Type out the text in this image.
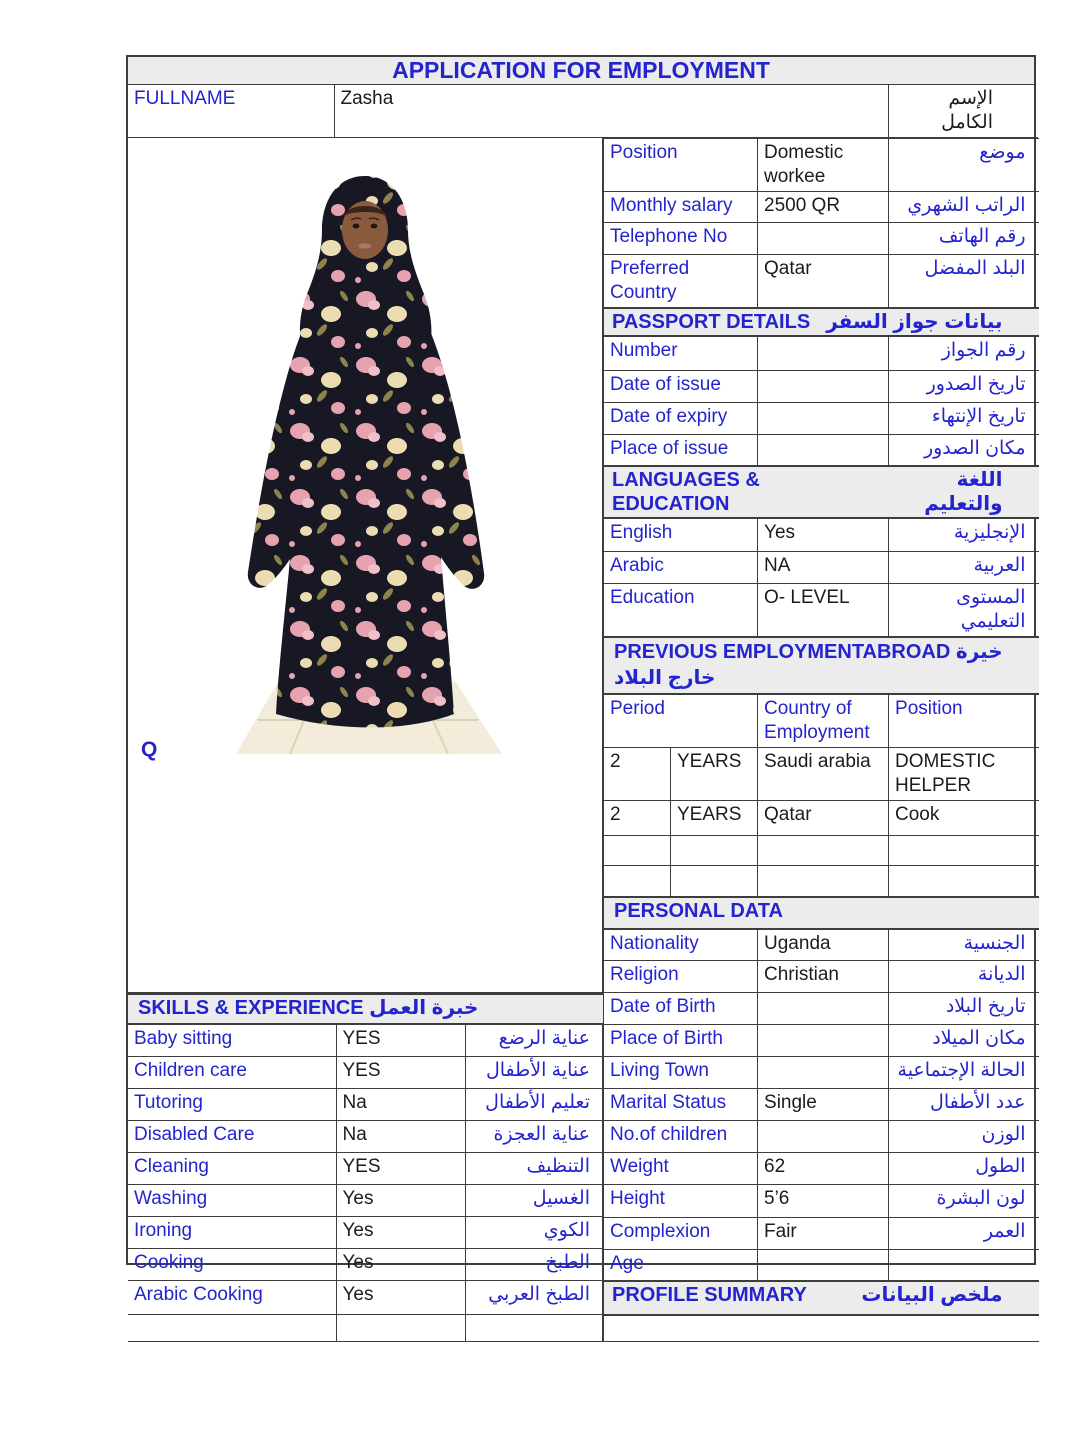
APPLICATION FOR EMPLOYMENT
FULLNAME	Zasha	الإسم الكامل
Q
SKILLS & EXPERIENCE خبرة العمل		

Baby sitting	YES	عناية الرضع
Children care	YES	عناية الأطفال
Tutoring	Na	تعليم الأطفال
Disabled Care	Na	عناية العجزة
Cleaning	YES	التنظيف
Washing	Yes	الغسيل
Ironing	Yes	الكوي
Cooking	Yes	الطبخ
Arabic Cooking	Yes	الطبخ العربي

Position		Domestic workee	موضع
Monthly salary		2500 QR	الراتب الشهري
Telephone No			رقم الهاتف
Preferred Country		Qatar	البلد المفضل

PASSPORT DETAILS بيانات جواز السفر			

Number			رقم الجواز
Date of issue			تاريخ الصدور
Date of expiry			تاريخ الإنتهاء
Place of issue			مكان الصدور

LANGUAGES & EDUCATION
اللغة والتعليم			

English		Yes	الإنجليزية
Arabic		NA	العربية
Education		O- LEVEL	المستوى التعليمي

PREVIOUS EMPLOYMENTABROAD خيرة خارج البلاد			

Period		Country of Employment	Position
2	YEARS	Saudi arabia	DOMESTIC HELPER
2	YEARS	Qatar	Cook

PERSONAL DATA			

Nationality		Uganda	الجنسية
Religion		Christian	الديانة
Date of Birth			تاريخ البلاد
Place of Birth			مكان الميلاد
Living Town			الحالة الإجتماعية
Marital Status		Single	عدد الأطفال
No.of children			الوزن
Weight		62	الطول
Height		5’6	لون البشرة
Complexion		Fair	العمر
Age			

PROFILE SUMMARY ملخص البيانات			
